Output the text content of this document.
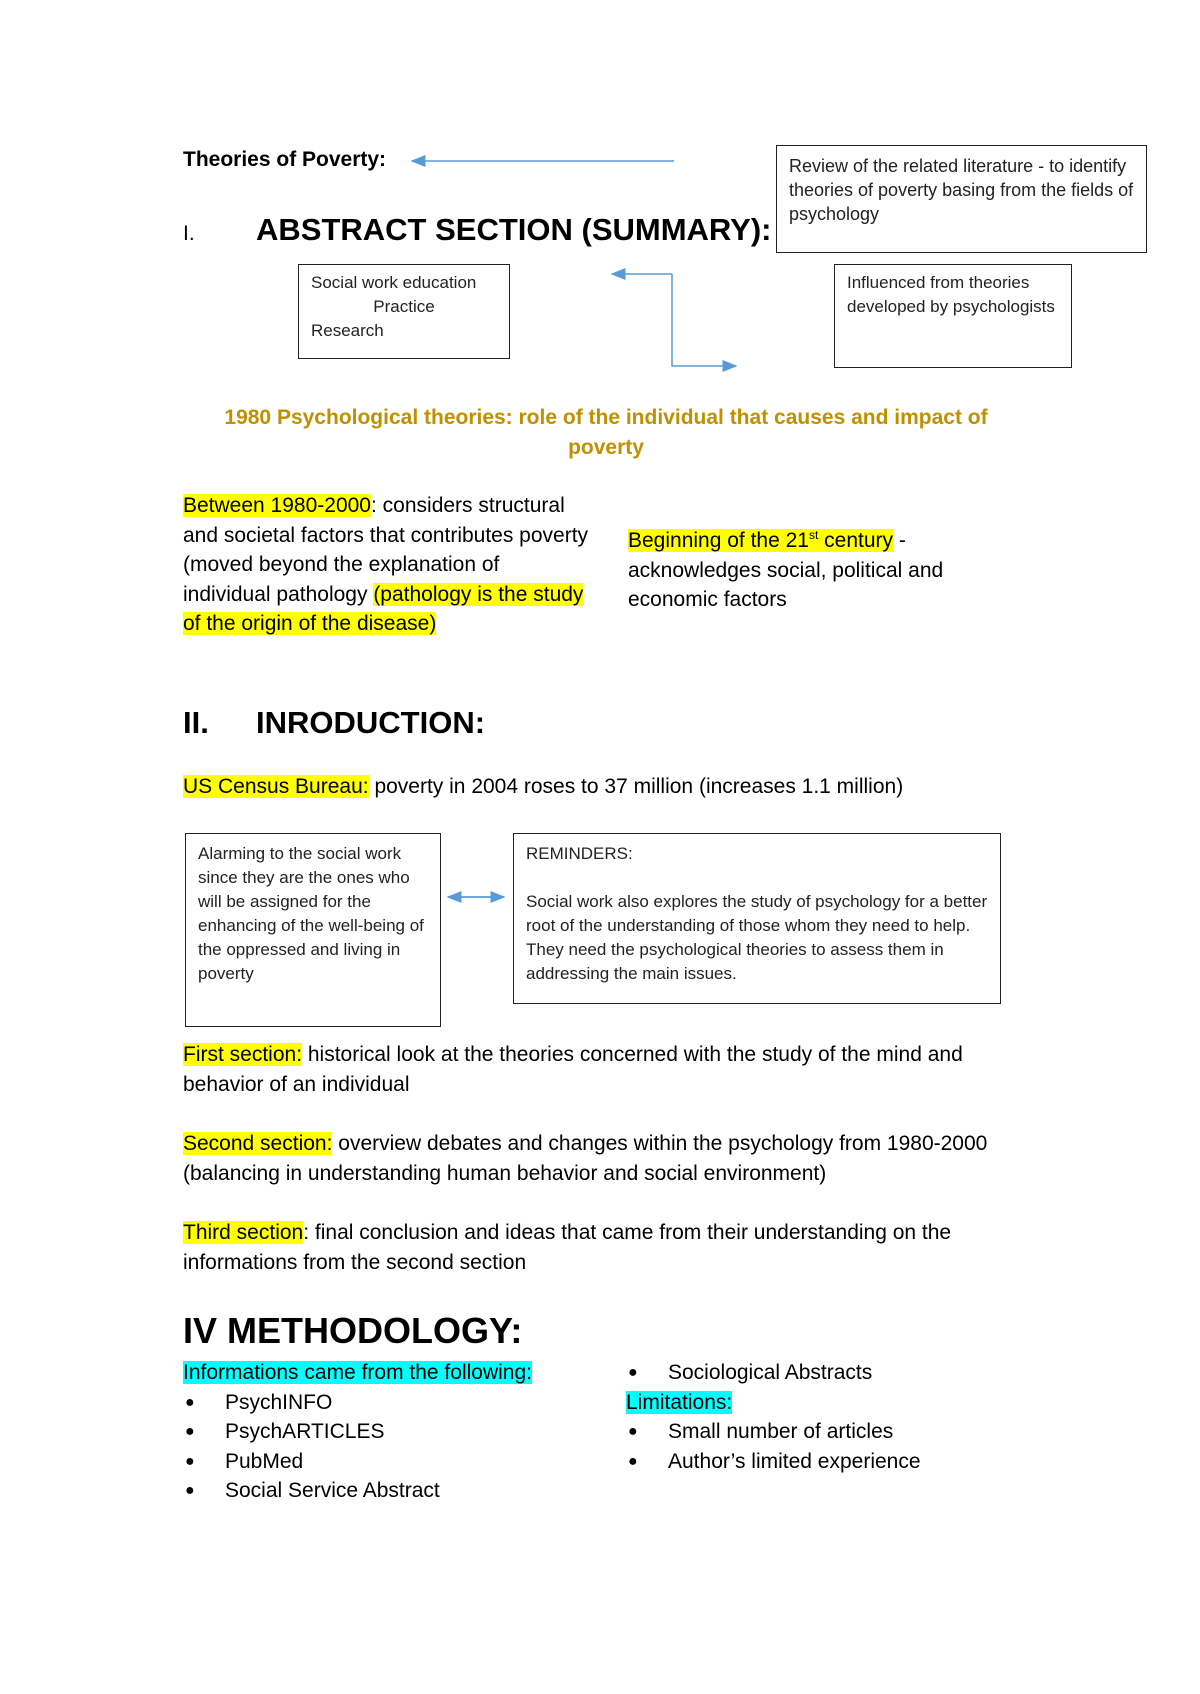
Theories of Poverty:	Review of the related literature - to identify theories of poverty basing from the fields of psychology
I. ABSTRACT SECTION (SUMMARY):
Social work education
Practice
Research
Influenced from theories developed by psychologists
1980 Psychological theories: role of the individual that causes and impact of poverty
Between 1980-2000: considers structural and societal factors that contributes poverty (moved beyond the explanation of individual pathology (pathology is the study of the origin of the disease)
Beginning of the 21st century - acknowledges social, political and economic factors
II. INRODUCTION:
US Census Bureau: poverty in 2004 roses to 37 million (increases 1.1 million)
Alarming to the social work since they are the ones who will be assigned for the enhancing of the well-being of the oppressed and living in poverty
REMINDERS:
Social work also explores the study of psychology for a better root of the understanding of those whom they need to help. They need the psychological theories to assess them in addressing the main issues.
First section: historical look at the theories concerned with the study of the mind and behavior of an individual
Second section: overview debates and changes within the psychology from 1980-2000 (balancing in understanding human behavior and social environment)
Third section: final conclusion and ideas that came from their understanding on the informations from the second section
IV METHODOLOGY:
Informations came from the following:
● PsychINFO
● PsychARTICLES
● PubMed
● Social Service Abstract
● Sociological Abstracts
Limitations:
● Small number of articles
● Author’s limited experience
